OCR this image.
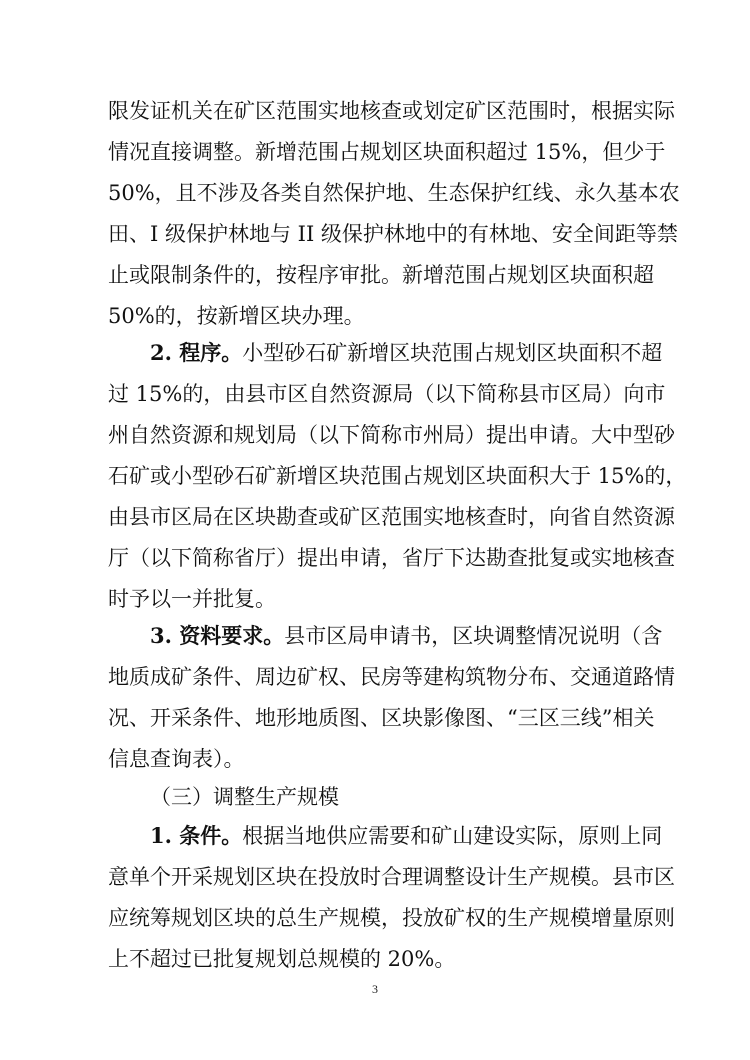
限发证机关在矿区范围实地核查或划定矿区范围时，根据实际
情况直接调整。新增范围占规划区块面积超过 15%，但少于
50%，且不涉及各类自然保护地、生态保护红线、永久基本农
田、I 级保护林地与 II 级保护林地中的有林地、安全间距等禁
止或限制条件的，按程序审批。新增范围占规划区块面积超
50%的，按新增区块办理。
2. 程序。小型砂石矿新增区块范围占规划区块面积不超
过 15%的，由县市区自然资源局（以下简称县市区局）向市
州自然资源和规划局（以下简称市州局）提出申请。大中型砂
石矿或小型砂石矿新增区块范围占规划区块面积大于 15%的，
由县市区局在区块勘查或矿区范围实地核查时，向省自然资源
厅（以下简称省厅）提出申请，省厅下达勘查批复或实地核查
时予以一并批复。
3. 资料要求。县市区局申请书，区块调整情况说明（含
地质成矿条件、周边矿权、民房等建构筑物分布、交通道路情
况、开采条件、地形地质图、区块影像图、“三区三线”相关
信息查询表）。
（三）调整生产规模
1. 条件。根据当地供应需要和矿山建设实际，原则上同
意单个开采规划区块在投放时合理调整设计生产规模。县市区
应统筹规划区块的总生产规模，投放矿权的生产规模增量原则
上不超过已批复规划总规模的 20%。
3
